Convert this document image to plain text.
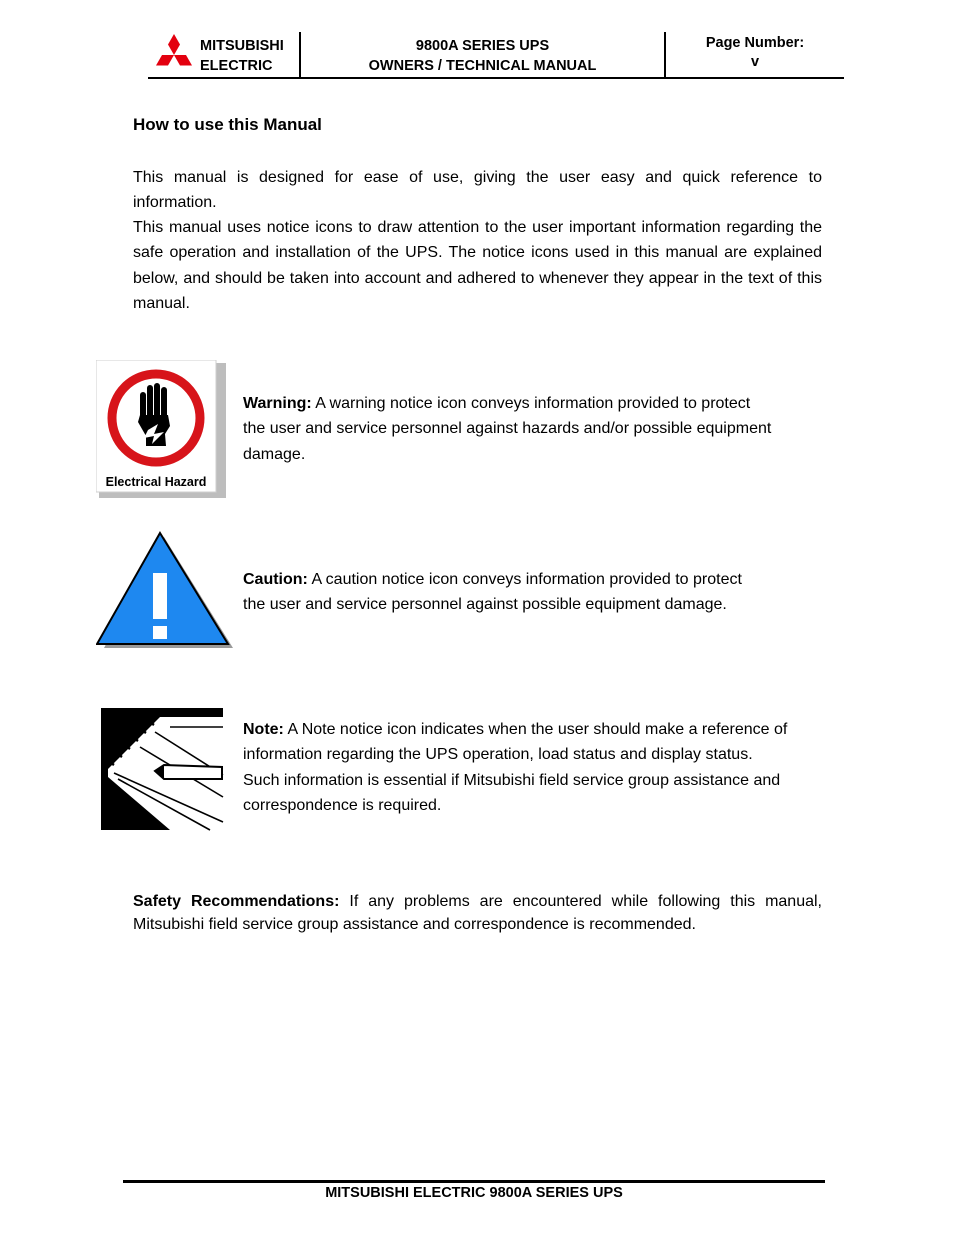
MITSUBISHI
ELECTRIC
9800A SERIES UPS
OWNERS / TECHNICAL MANUAL
Page Number:
v
How to use this Manual

This manual is designed for ease of use, giving the user easy and quick reference to

information.

This manual uses notice icons to draw attention to the user important information regarding the safe operation and installation of the UPS. The notice icons used in this manual are explained below, and should be taken into account and adhered to whenever they appear in the text of this manual.

Electrical Hazard
Warning: A warning notice icon conveys information provided to protect
the user and service personnel against hazards and/or possible equipment
damage.
Caution: A caution notice icon conveys information provided to protect
the user and service personnel against possible equipment damage.
Note: A Note notice icon indicates when the user should make a reference of
information regarding the UPS operation, load status and display status.
Such information is essential if Mitsubishi field service group assistance and
correspondence is required.

Safety Recommendations: If any problems are encountered while following this manual, Mitsubishi field service group assistance and correspondence is recommended.

MITSUBISHI ELECTRIC 9800A SERIES UPS
